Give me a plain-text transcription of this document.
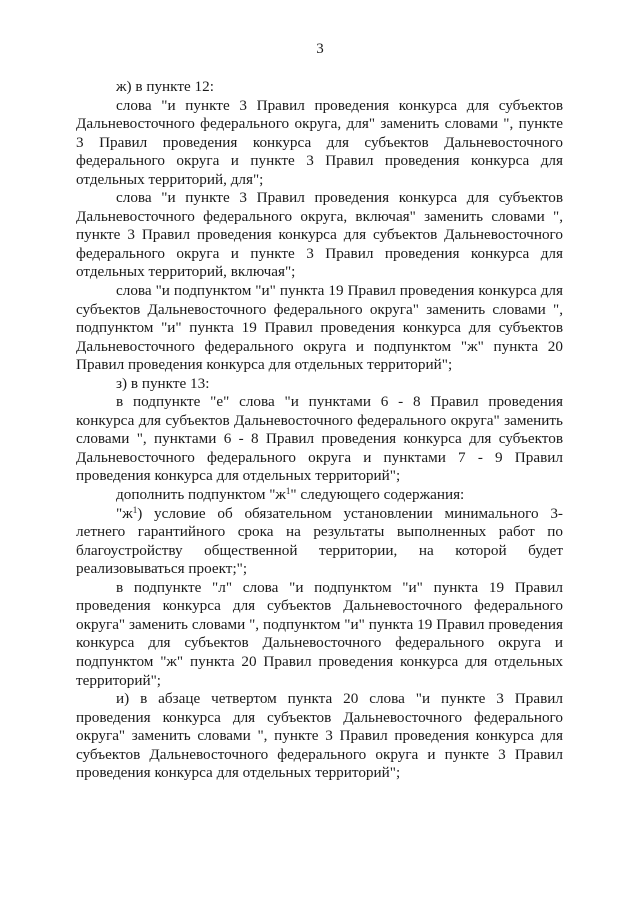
3

ж) в пункте 12:

слова "и пункте 3 Правил проведения конкурса для субъектов Дальневосточного федерального округа, для" заменить словами ", пункте 3 Правил проведения конкурса для субъектов Дальневосточного федерального округа и пункте 3 Правил проведения конкурса для отдельных территорий, для";

слова "и пункте 3 Правил проведения конкурса для субъектов Дальневосточного федерального округа, включая" заменить словами ", пункте 3 Правил проведения конкурса для субъектов Дальневосточного федерального округа и пункте 3 Правил проведения конкурса для отдельных территорий, включая";

слова "и подпунктом "и" пункта 19 Правил проведения конкурса для субъектов Дальневосточного федерального округа" заменить словами ", подпунктом "и" пункта 19 Правил проведения конкурса для субъектов Дальневосточного федерального округа и подпунктом "ж" пункта 20 Правил проведения конкурса для отдельных территорий";

з) в пункте 13:

в подпункте "е" слова "и пунктами 6 - 8 Правил проведения конкурса для субъектов Дальневосточного федерального округа" заменить словами ", пунктами 6 - 8 Правил проведения конкурса для субъектов Дальневосточного федерального округа и пунктами 7 - 9 Правил проведения конкурса для отдельных территорий";

дополнить подпунктом "$ж^1$" следующего содержания:

"$ж^1$) условие об обязательном установлении минимального 3-летнего гарантийного срока на результаты выполненных работ по благоустройству общественной территории, на которой будет реализовываться проект;";

в подпункте "л" слова "и подпунктом "и" пункта 19 Правил проведения конкурса для субъектов Дальневосточного федерального округа" заменить словами ", подпунктом "и" пункта 19 Правил проведения конкурса для субъектов Дальневосточного федерального округа и подпунктом "ж" пункта 20 Правил проведения конкурса для отдельных территорий";

и) в абзаце четвертом пункта 20 слова "и пункте 3 Правил проведения конкурса для субъектов Дальневосточного федерального округа" заменить словами ", пункте 3 Правил проведения конкурса для субъектов Дальневосточного федерального округа и пункте 3 Правил проведения конкурса для отдельных территорий";
